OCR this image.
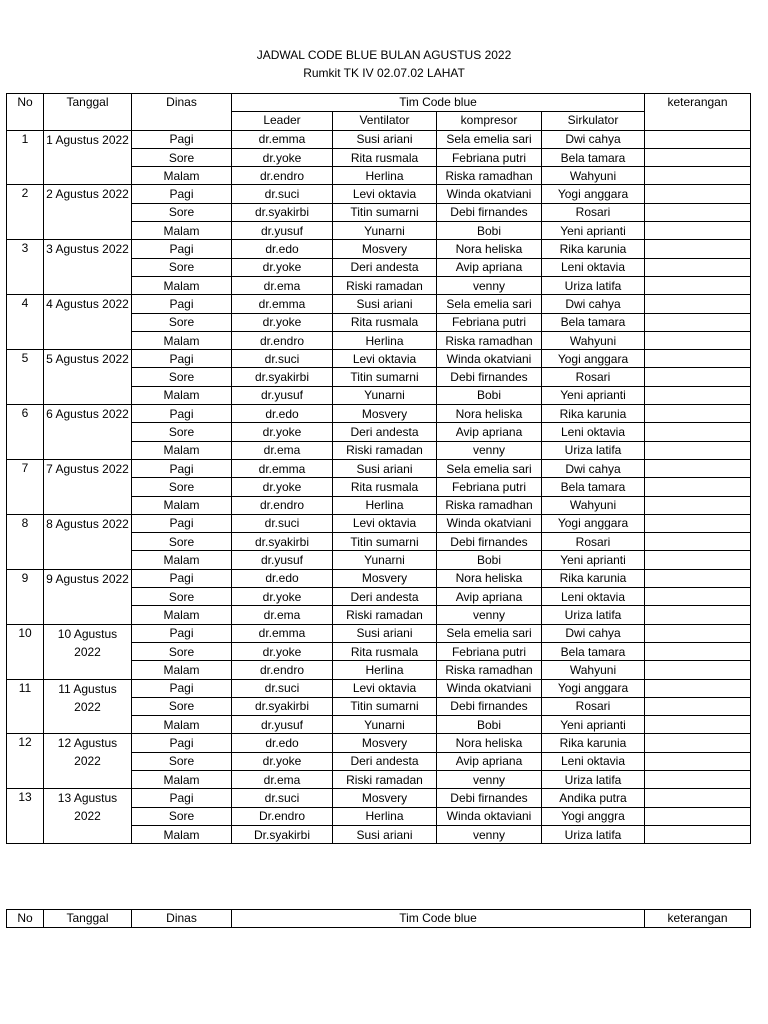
JADWAL CODE BLUE BULAN AGUSTUS 2022
Rumkit TK IV 02.07.02 LAHAT
No	Tanggal	Dinas	Tim Code blue				keterangan
			Leader	Ventilator	kompresor	Sirkulator	
1	1 Agustus 2022	Pagi	dr.emma	Susi ariani	Sela emelia sari	Dwi cahya	
		Sore	dr.yoke	Rita rusmala	Febriana putri	Bela tamara	
		Malam	dr.endro	Herlina	Riska ramadhan	Wahyuni	
2	2 Agustus 2022	Pagi	dr.suci	Levi oktavia	Winda okatviani	Yogi anggara	
		Sore	dr.syakirbi	Titin sumarni	Debi firnandes	Rosari	
		Malam	dr.yusuf	Yunarni	Bobi	Yeni aprianti	
3	3 Agustus 2022	Pagi	dr.edo	Mosvery	Nora heliska	Rika karunia	
		Sore	dr.yoke	Deri andesta	Avip apriana	Leni oktavia	
		Malam	dr.ema	Riski ramadan	venny	Uriza latifa	
4	4 Agustus 2022	Pagi	dr.emma	Susi ariani	Sela emelia sari	Dwi cahya	
		Sore	dr.yoke	Rita rusmala	Febriana putri	Bela tamara	
		Malam	dr.endro	Herlina	Riska ramadhan	Wahyuni	
5	5 Agustus 2022	Pagi	dr.suci	Levi oktavia	Winda okatviani	Yogi anggara	
		Sore	dr.syakirbi	Titin sumarni	Debi firnandes	Rosari	
		Malam	dr.yusuf	Yunarni	Bobi	Yeni aprianti	
6	6 Agustus 2022	Pagi	dr.edo	Mosvery	Nora heliska	Rika karunia	
		Sore	dr.yoke	Deri andesta	Avip apriana	Leni oktavia	
		Malam	dr.ema	Riski ramadan	venny	Uriza latifa	
7	7 Agustus 2022	Pagi	dr.emma	Susi ariani	Sela emelia sari	Dwi cahya	
		Sore	dr.yoke	Rita rusmala	Febriana putri	Bela tamara	
		Malam	dr.endro	Herlina	Riska ramadhan	Wahyuni	
8	8 Agustus 2022	Pagi	dr.suci	Levi oktavia	Winda okatviani	Yogi anggara	
		Sore	dr.syakirbi	Titin sumarni	Debi firnandes	Rosari	
		Malam	dr.yusuf	Yunarni	Bobi	Yeni aprianti	
9	9 Agustus 2022	Pagi	dr.edo	Mosvery	Nora heliska	Rika karunia	
		Sore	dr.yoke	Deri andesta	Avip apriana	Leni oktavia	
		Malam	dr.ema	Riski ramadan	venny	Uriza latifa	
10	10 Agustus 2022	Pagi	dr.emma	Susi ariani	Sela emelia sari	Dwi cahya	
		Sore	dr.yoke	Rita rusmala	Febriana putri	Bela tamara	
		Malam	dr.endro	Herlina	Riska ramadhan	Wahyuni	
11	11 Agustus 2022	Pagi	dr.suci	Levi oktavia	Winda okatviani	Yogi anggara	
		Sore	dr.syakirbi	Titin sumarni	Debi firnandes	Rosari	
		Malam	dr.yusuf	Yunarni	Bobi	Yeni aprianti	
12	12 Agustus 2022	Pagi	dr.edo	Mosvery	Nora heliska	Rika karunia	
		Sore	dr.yoke	Deri andesta	Avip apriana	Leni oktavia	
		Malam	dr.ema	Riski ramadan	venny	Uriza latifa	
13	13 Agustus 2022	Pagi	dr.suci	Mosvery	Debi firnandes	Andika putra	
		Sore	Dr.endro	Herlina	Winda oktaviani	Yogi anggra	
		Malam	Dr.syakirbi	Susi ariani	venny	Uriza latifa	
No	Tanggal	Dinas	Tim Code blue	keterangan
